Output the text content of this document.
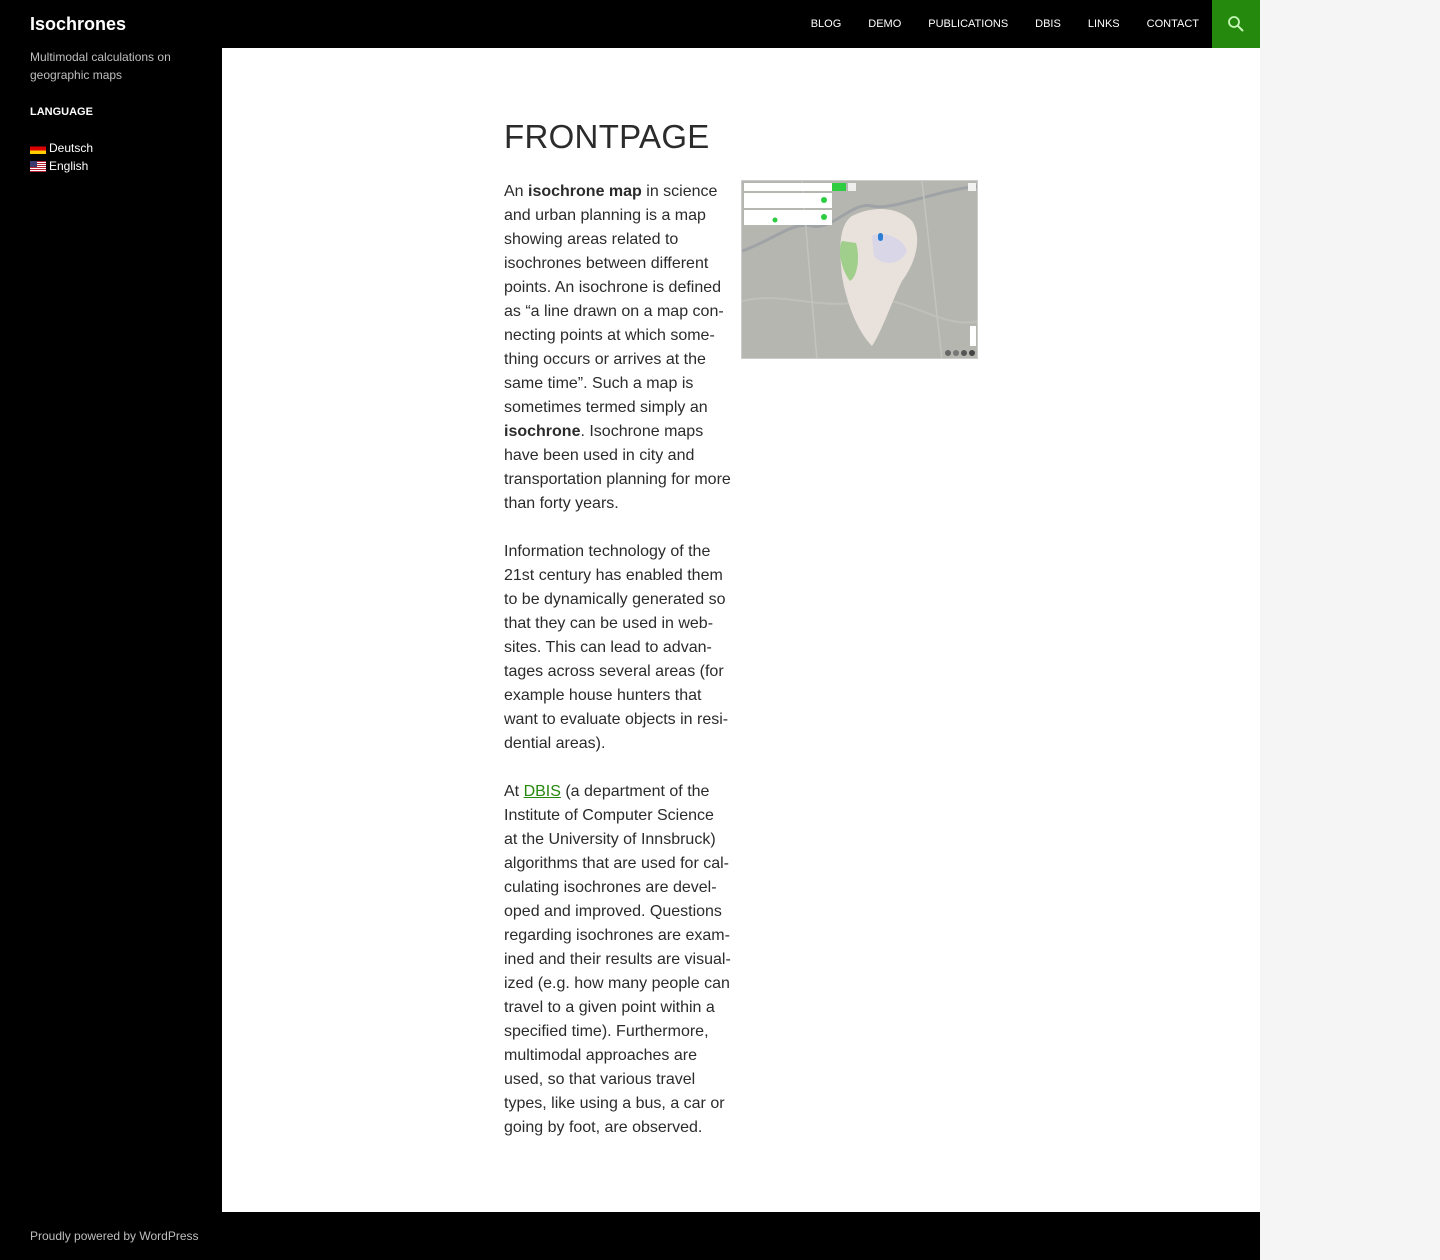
Isochrones	BLOG DEMO PUBLICATIONS DBIS LINKS CONTACT

Multimodal calculations on geographic maps

LANGUAGE
Deutsch
English
FRONTPAGE

An isochrone map in science
and urban planning is a map
showing areas related to
isochrones between different
points. An isochrone is defined
as “a line drawn on a map con-
necting points at which some-
thing occurs or arrives at the
same time”. Such a map is
sometimes termed simply an
isochrone. Isochrone maps
have been used in city and
transportation planning for more
than forty years.

Information technology of the
21st century has enabled them
to be dynamically generated so
that they can be used in web-
sites. This can lead to advan-
tages across several areas (for
example house hunters that
want to evaluate objects in resi-
dential areas).

At DBIS (a department of the
Institute of Computer Science
at the University of Innsbruck)
algorithms that are used for cal-
culating isochrones are devel-
oped and improved. Questions
regarding isochrones are exam-
ined and their results are visual-
ized (e.g. how many people can
travel to a given point within a
specified time). Furthermore,
multimodal approaches are
used, so that various travel
types, like using a bus, a car or
going by foot, are observed.

Proudly powered by WordPress
